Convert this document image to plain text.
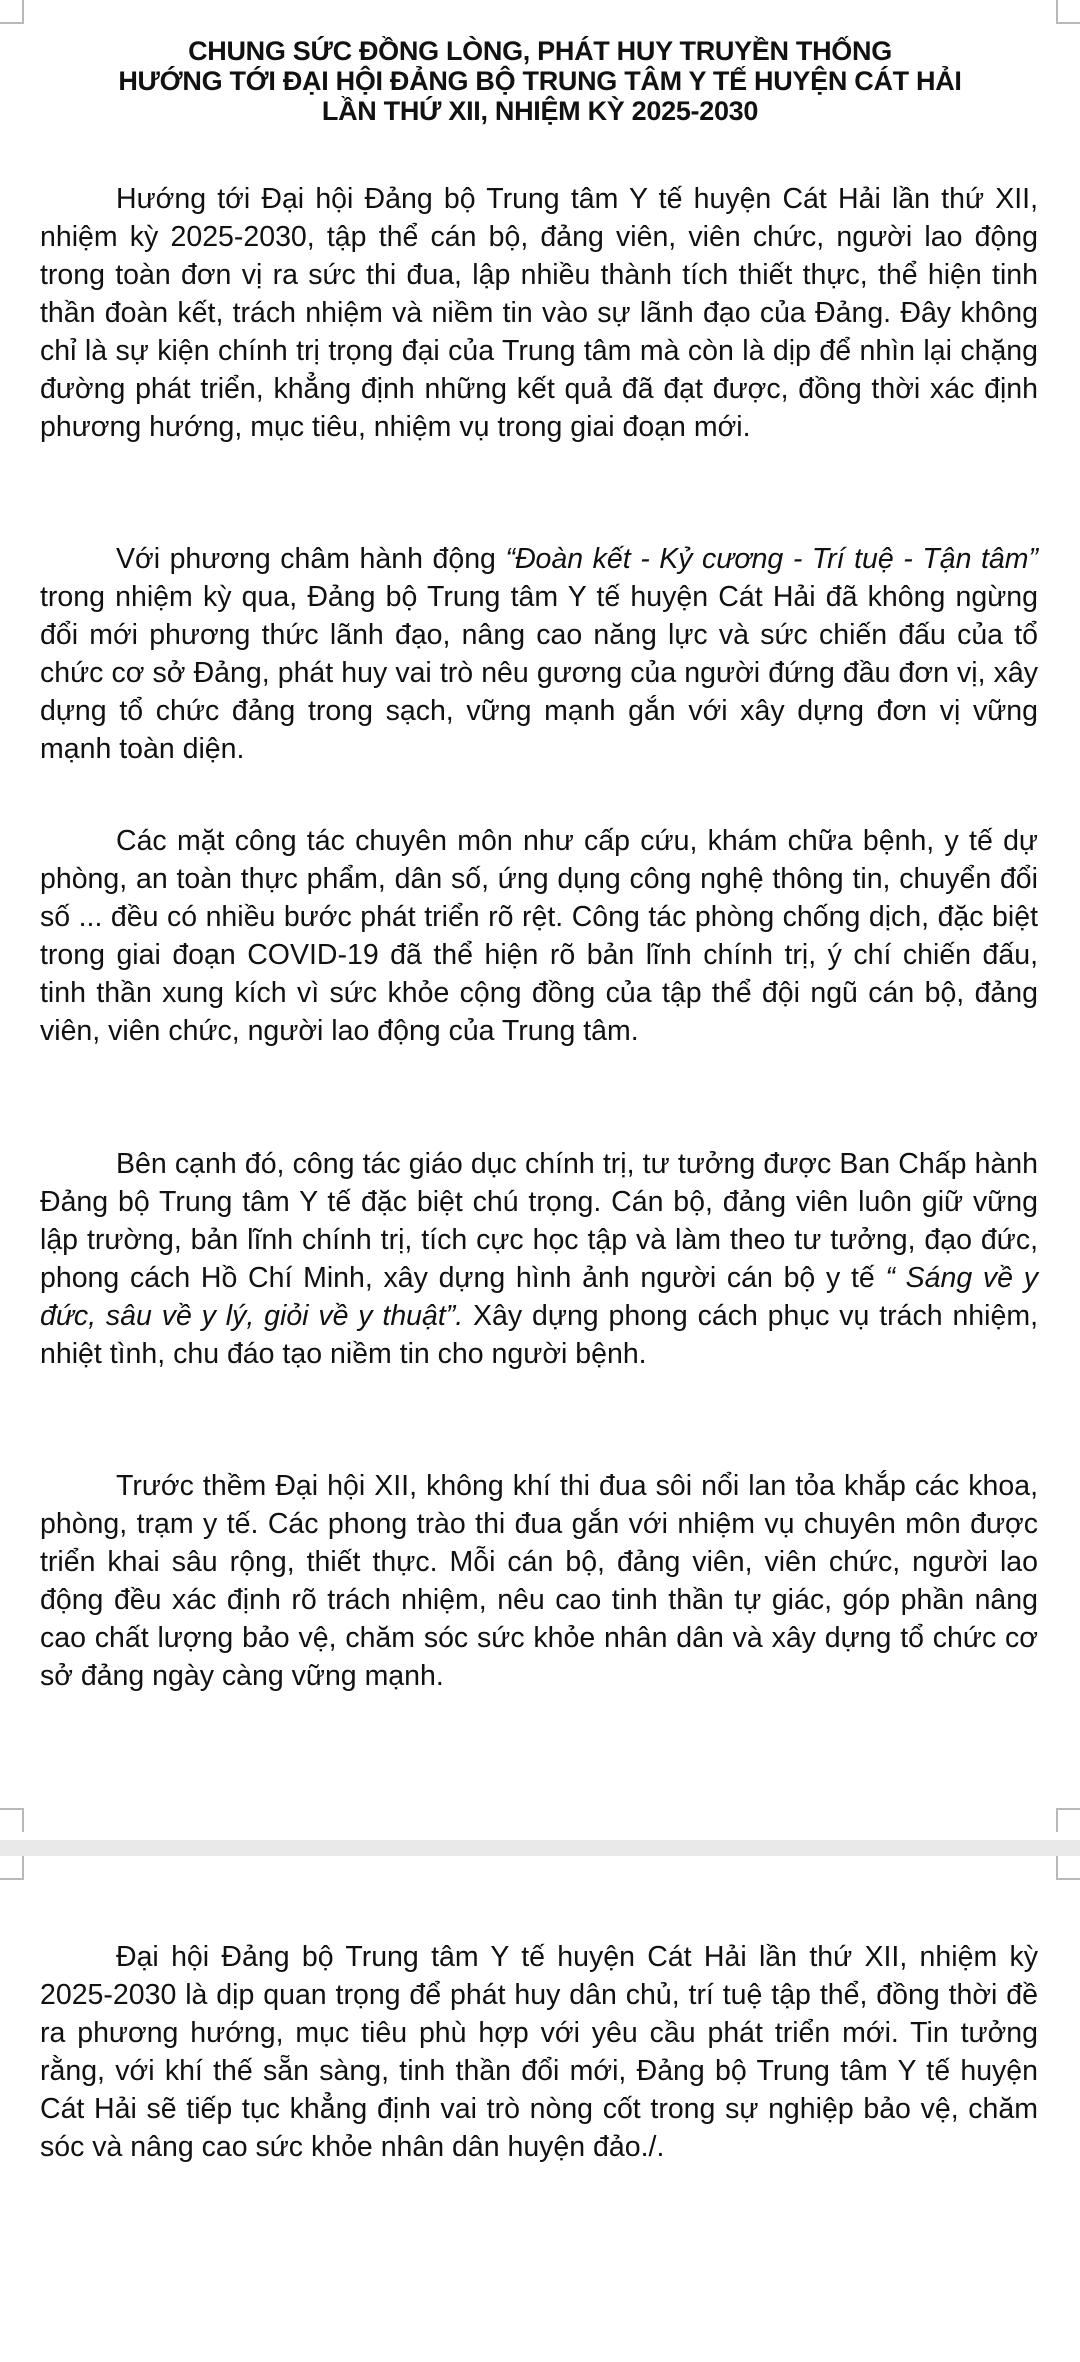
CHUNG SỨC ĐỒNG LÒNG, PHÁT HUY TRUYỀN THỐNG
HƯỚNG TỚI ĐẠI HỘI ĐẢNG BỘ TRUNG TÂM Y TẾ HUYỆN CÁT HẢI
LẦN THỨ XII, NHIỆM KỲ 2025-2030

Hướng tới Đại hội Đảng bộ Trung tâm Y tế huyện Cát Hải lần thứ XII, nhiệm kỳ 2025-2030, tập thể cán bộ, đảng viên, viên chức, người lao động trong toàn đơn vị ra sức thi đua, lập nhiều thành tích thiết thực, thể hiện tinh thần đoàn kết, trách nhiệm và niềm tin vào sự lãnh đạo của Đảng. Đây không chỉ là sự kiện chính trị trọng đại của Trung tâm mà còn là dịp để nhìn lại chặng đường phát triển, khẳng định những kết quả đã đạt được, đồng thời xác định phương hướng, mục tiêu, nhiệm vụ trong giai đoạn mới.

Với phương châm hành động “Đoàn kết - Kỷ cương - Trí tuệ - Tận tâm” trong nhiệm kỳ qua, Đảng bộ Trung tâm Y tế huyện Cát Hải đã không ngừng đổi mới phương thức lãnh đạo, nâng cao năng lực và sức chiến đấu của tổ chức cơ sở Đảng, phát huy vai trò nêu gương của người đứng đầu đơn vị, xây dựng tổ chức đảng trong sạch, vững mạnh gắn với xây dựng đơn vị vững mạnh toàn diện.

Các mặt công tác chuyên môn như cấp cứu, khám chữa bệnh, y tế dự phòng, an toàn thực phẩm, dân số, ứng dụng công nghệ thông tin, chuyển đổi số ... đều có nhiều bước phát triển rõ rệt. Công tác phòng chống dịch, đặc biệt trong giai đoạn COVID-19 đã thể hiện rõ bản lĩnh chính trị, ý chí chiến đấu, tinh thần xung kích vì sức khỏe cộng đồng của tập thể đội ngũ cán bộ, đảng viên, viên chức, người lao động của Trung tâm.

Bên cạnh đó, công tác giáo dục chính trị, tư tưởng được Ban Chấp hành Đảng bộ Trung tâm Y tế đặc biệt chú trọng. Cán bộ, đảng viên luôn giữ vững lập trường, bản lĩnh chính trị, tích cực học tập và làm theo tư tưởng, đạo đức, phong cách Hồ Chí Minh, xây dựng hình ảnh người cán bộ y tế “ Sáng về y đức, sâu về y lý, giỏi về y thuật”. Xây dựng phong cách phục vụ trách nhiệm, nhiệt tình, chu đáo tạo niềm tin cho người bệnh.

Trước thềm Đại hội XII, không khí thi đua sôi nổi lan tỏa khắp các khoa, phòng, trạm y tế. Các phong trào thi đua gắn với nhiệm vụ chuyên môn được triển khai sâu rộng, thiết thực. Mỗi cán bộ, đảng viên, viên chức, người lao động đều xác định rõ trách nhiệm, nêu cao tinh thần tự giác, góp phần nâng cao chất lượng bảo vệ, chăm sóc sức khỏe nhân dân và xây dựng tổ chức cơ sở đảng ngày càng vững mạnh.

Đại hội Đảng bộ Trung tâm Y tế huyện Cát Hải lần thứ XII, nhiệm kỳ 2025-2030 là dịp quan trọng để phát huy dân chủ, trí tuệ tập thể, đồng thời đề ra phương hướng, mục tiêu phù hợp với yêu cầu phát triển mới. Tin tưởng rằng, với khí thế sẵn sàng, tinh thần đổi mới, Đảng bộ Trung tâm Y tế huyện Cát Hải sẽ tiếp tục khẳng định vai trò nòng cốt trong sự nghiệp bảo vệ, chăm sóc và nâng cao sức khỏe nhân dân huyện đảo./.
